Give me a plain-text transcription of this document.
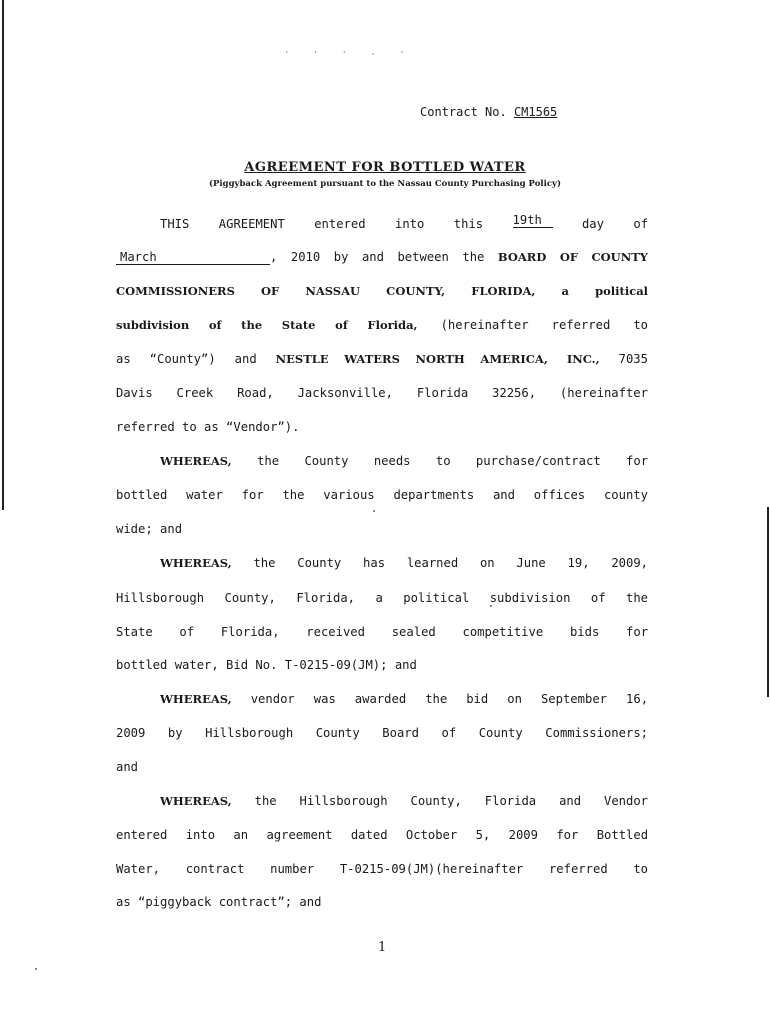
· · · . ·
Contract No. CM1565
AGREEMENT FOR BOTTLED WATER
(Piggyback Agreement pursuant to the Nassau County Purchasing Policy)
THIS AGREEMENT entered into this 19th	day of
March	, 2010 by and between the BOARD OF COUNTY
COMMISSIONERS OF NASSAU COUNTY, FLORIDA, a political
subdivision of the State of Florida, (hereinafter referred to
as “County”) and NESTLE WATERS NORTH AMERICA, INC., 7035
Davis Creek Road, Jacksonville, Florida 32256, (hereinafter
referred to as “Vendor”).
WHEREAS, the County needs to purchase/contract for
bottled water for the various departments and offices county
wide; and
WHEREAS, the County has learned on June 19, 2009,
Hillsborough County, Florida, a political subdivision of the
State of Florida, received sealed competitive bids for
bottled water, Bid No. T-0215-09(JM); and
WHEREAS, vendor was awarded the bid on September 16,
2009 by Hillsborough County Board of County Commissioners;
and
WHEREAS, the Hillsborough County, Florida and Vendor
entered into an agreement dated October 5, 2009 for Bottled
Water, contract number T-0215-09(JM)(hereinafter referred to
as “piggyback contract”; and
1
